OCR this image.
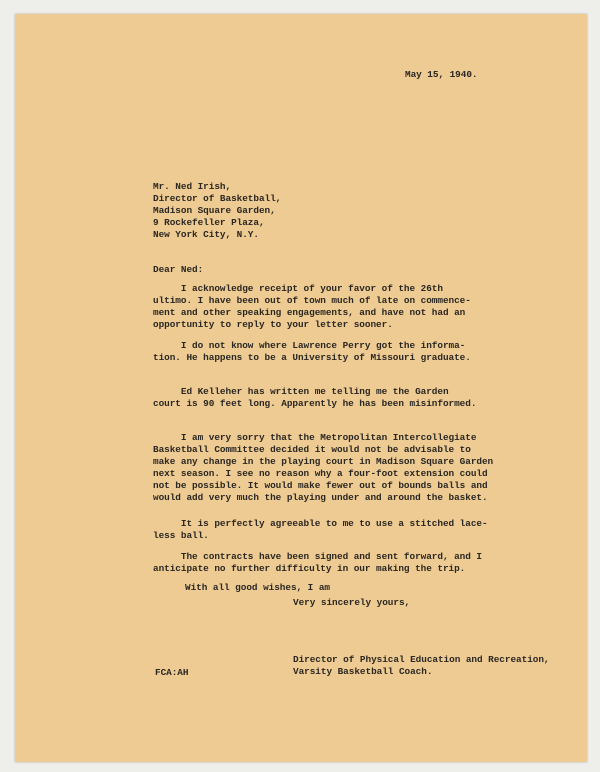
May 15, 1940.
Mr. Ned Irish,
Director of Basketball,
Madison Square Garden,
9 Rockefeller Plaza,
New York City, N.Y.
Dear Ned:
I acknowledge receipt of your favor of the 26th
ultimo. I have been out of town much of late on commence-
ment and other speaking engagements, and have not had an
opportunity to reply to your letter sooner.
I do not know where Lawrence Perry got the informa-
tion. He happens to be a University of Missouri graduate.
Ed Kelleher has written me telling me the Garden
court is 90 feet long. Apparently he has been misinformed.
I am very sorry that the Metropolitan Intercollegiate
Basketball Committee decided it would not be advisable to
make any change in the playing court in Madison Square Garden
next season. I see no reason why a four-foot extension could
not be possible. It would make fewer out of bounds balls and
would add very much the playing under and around the basket.
It is perfectly agreeable to me to use a stitched lace-
less ball.
The contracts have been signed and sent forward, and I
anticipate no further difficulty in our making the trip.
With all good wishes, I am
Very sincerely yours,
Director of Physical Education and Recreation,
Varsity Basketball Coach.
FCA:AH
